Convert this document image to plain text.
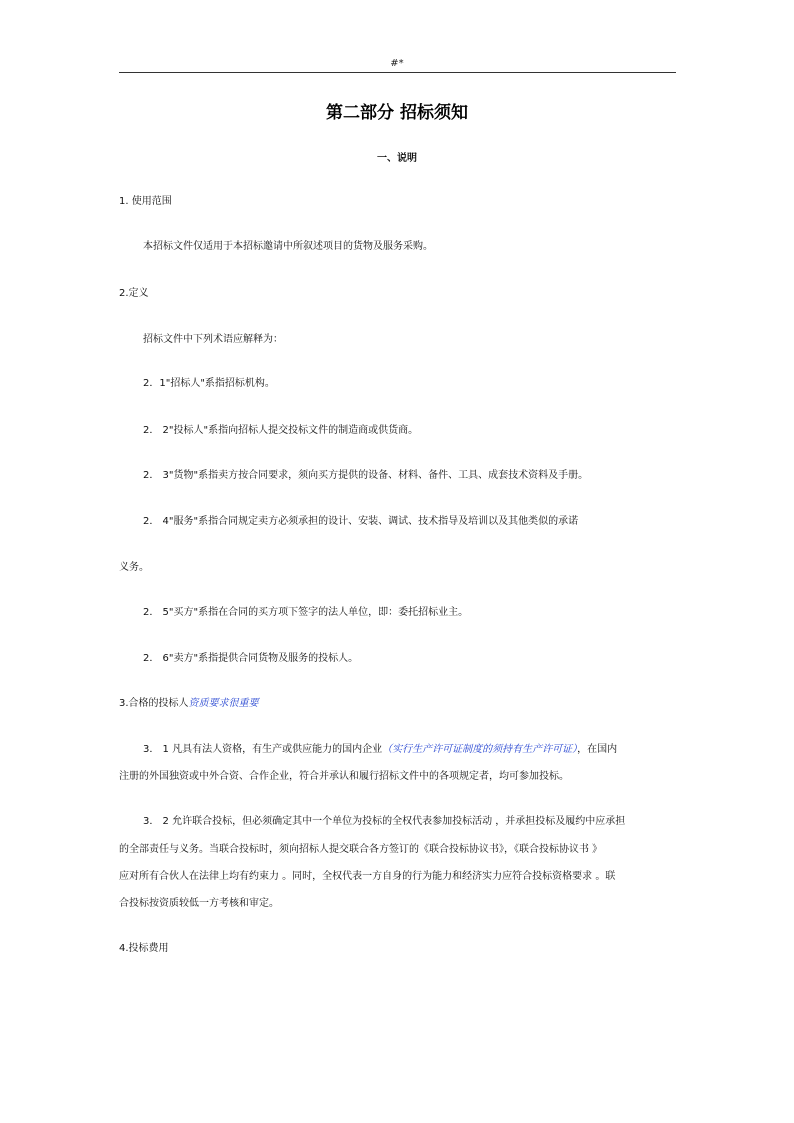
#*
第二部分 招标须知
一、说明
1. 使用范围
本招标文件仅适用于本招标邀请中所叙述项目的货物及服务采购。
2.定义
招标文件中下列术语应解释为：
2．1"招标人"系指招标机构。
2． 2"投标人"系指向招标人提交投标文件的制造商或供货商。
2． 3"货物"系指卖方按合同要求，须向买方提供的设备、材料、备件、工具、成套技术资料及手册。
2． 4"服务"系指合同规定卖方必须承担的设计、安装、调试、技术指导及培训以及其他类似的承诺
义务。
2． 5"买方"系指在合同的买方项下签字的法人单位，即：委托招标业主。
2． 6"卖方"系指提供合同货物及服务的投标人。
3.合格的投标人资质要求很重要
3． 1 凡具有法人资格，有生产或供应能力的国内企业（实行生产许可证制度的须持有生产许可证），在国内
注册的外国独资或中外合资、合作企业，符合并承认和履行招标文件中的各项规定者，均可参加投标。
3． 2 允许联合投标，但必须确定其中一个单位为投标的全权代表参加投标活动 ，并承担投标及履约中应承担
的全部责任与义务。当联合投标时，须向招标人提交联合各方签订的《联合投标协议书》，《联合投标协议书 》
应对所有合伙人在法律上均有约束力 。同时，全权代表一方自身的行为能力和经济实力应符合投标资格要求 。联
合投标按资质较低一方考核和审定。
4.投标费用
